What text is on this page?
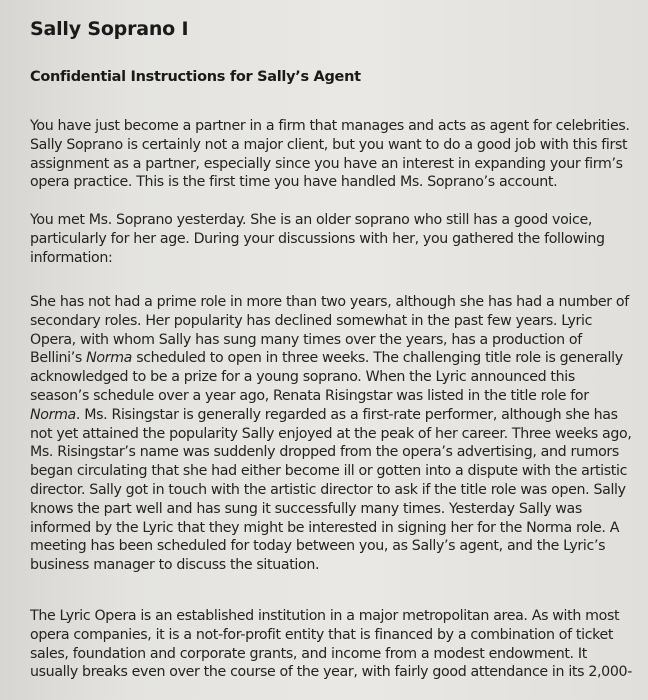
Sally Soprano I
Confidential Instructions for Sally’s Agent
You have just become a partner in a firm that manages and acts as agent for celebrities.
Sally Soprano is certainly not a major client, but you want to do a good job with this first
assignment as a partner, especially since you have an interest in expanding your firm’s
opera practice. This is the first time you have handled Ms. Soprano’s account.
You met Ms. Soprano yesterday. She is an older soprano who still has a good voice,
particularly for her age. During your discussions with her, you gathered the following
information:
She has not had a prime role in more than two years, although she has had a number of
secondary roles. Her popularity has declined somewhat in the past few years. Lyric
Opera, with whom Sally has sung many times over the years, has a production of
Bellini’s Norma scheduled to open in three weeks. The challenging title role is generally
acknowledged to be a prize for a young soprano. When the Lyric announced this
season’s schedule over a year ago, Renata Risingstar was listed in the title role for
Norma. Ms. Risingstar is generally regarded as a first-rate performer, although she has
not yet attained the popularity Sally enjoyed at the peak of her career. Three weeks ago,
Ms. Risingstar’s name was suddenly dropped from the opera’s advertising, and rumors
began circulating that she had either become ill or gotten into a dispute with the artistic
director. Sally got in touch with the artistic director to ask if the title role was open. Sally
knows the part well and has sung it successfully many times. Yesterday Sally was
informed by the Lyric that they might be interested in signing her for the Norma role. A
meeting has been scheduled for today between you, as Sally’s agent, and the Lyric’s
business manager to discuss the situation.
The Lyric Opera is an established institution in a major metropolitan area. As with most
opera companies, it is a not-for-profit entity that is financed by a combination of ticket
sales, foundation and corporate grants, and income from a modest endowment. It
usually breaks even over the course of the year, with fairly good attendance in its 2,000-
